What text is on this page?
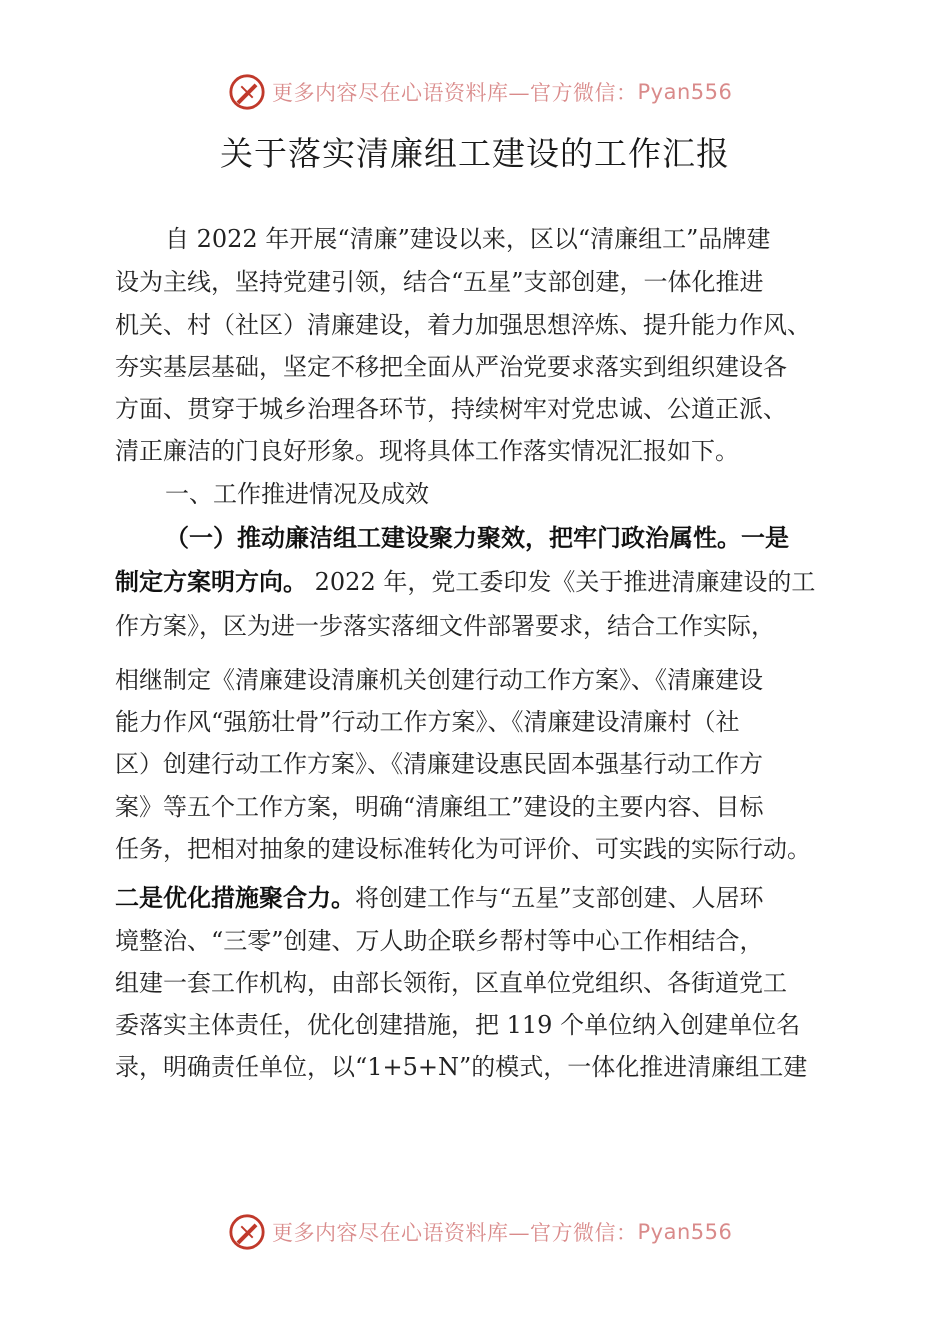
更多内容尽在心语资料库 —官方微信： Pyan556
关于落实清廉组工建设的工作汇报
自 2022 年开展“清廉”建设以来，区以“清廉组工”品牌建
设为主线，坚持党建引领，结合“五星”支部创建，一体化推进
机关、村（社区）清廉建设，着力加强思想淬炼、提升能力作风、
夯实基层基础，坚定不移把全面从严治党要求落实到组织建设各
方面、贯穿于城乡治理各环节，持续树牢对党忠诚、公道正派、
清正廉洁的门良好形象。现将具体工作落实情况汇报如下。
一、工作推进情况及成效
（一）推动廉洁组工建设聚力聚效，把牢门政治属性。一是
制定方案明方向。 2022 年，党工委印发《关于推进清廉建设的工
作方案》，区为进一步落实落细文件部署要求，结合工作实际，
相继制定《清廉建设清廉机关创建行动工作方案》、《清廉建设
能力作风“强筋壮骨”行动工作方案》、《清廉建设清廉村（社
区）创建行动工作方案》、《清廉建设惠民固本强基行动工作方
案》等五个工作方案，明确“清廉组工”建设的主要内容、目标
任务，把相对抽象的建设标准转化为可评价、可实践的实际行动。
二是优化措施聚合力。将创建工作与“五星”支部创建、人居环
境整治、“三零”创建、万人助企联乡帮村等中心工作相结合，
组建一套工作机构，由部长领衔，区直单位党组织、各街道党工
委落实主体责任，优化创建措施，把 119 个单位纳入创建单位名
录，明确责任单位，以“1+5+N”的模式，一体化推进清廉组工建
更多内容尽在心语资料库 —官方微信： Pyan556
